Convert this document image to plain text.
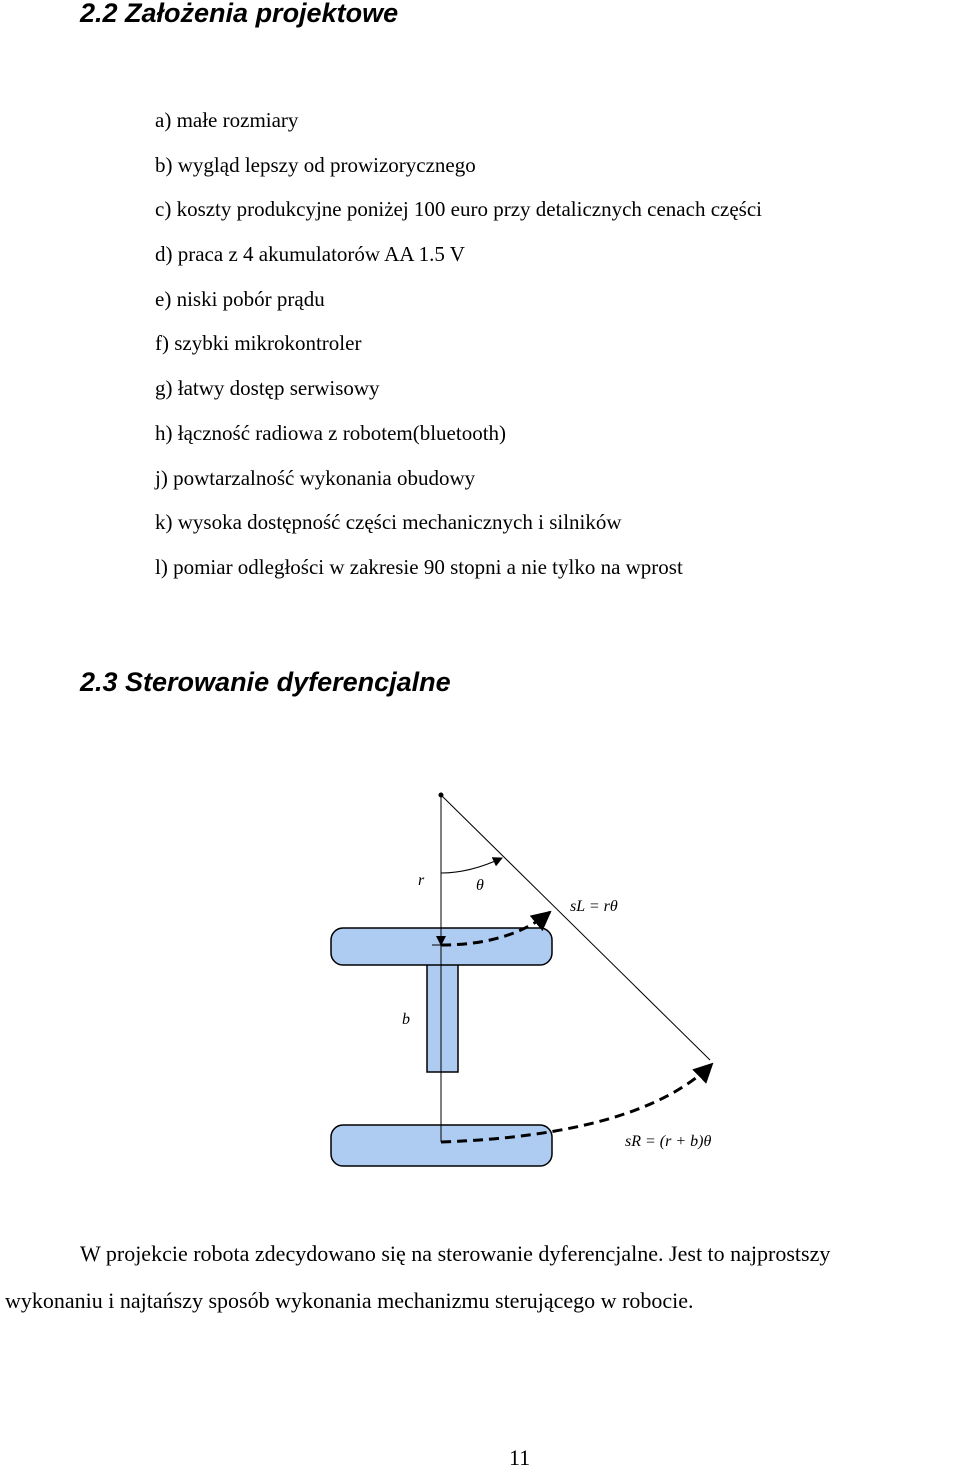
2.2 Założenia projektowe
a) małe rozmiary
b) wygląd lepszy od prowizorycznego
c) koszty produkcyjne poniżej 100 euro przy detalicznych cenach części
d) praca z 4 akumulatorów AA 1.5 V
e) niski pobór prądu
f) szybki mikrokontroler
g) łatwy dostęp serwisowy
h) łączność radiowa z robotem(bluetooth)
j) powtarzalność wykonania obudowy
k) wysoka dostępność części mechanicznych i silników
l) pomiar odległości w zakresie 90 stopni a nie tylko na wprost
2.3 Sterowanie dyferencjalne
r	θ
b
sL = rθ
sR = (r + b)θ

W projekcie robota zdecydowano się na sterowanie dyferencjalne. Jest to najprostszy

wykonaniu i najtańszy sposób wykonania mechanizmu sterującego w robocie.

11
